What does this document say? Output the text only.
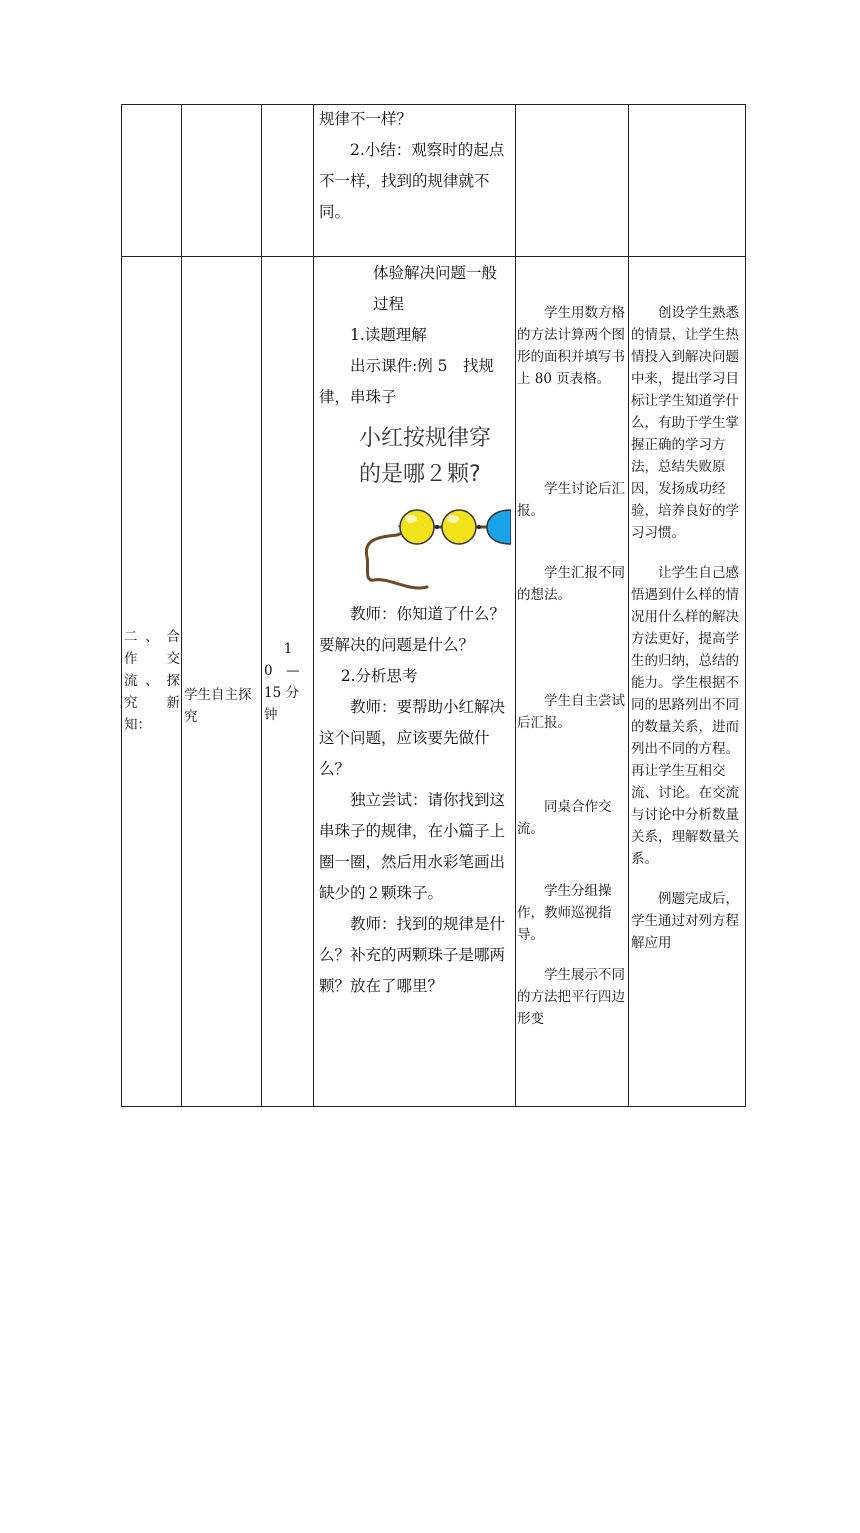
规律不一样？

2.小结：观察时的起点不一样，找到的规律就不同。

二、合
作　交
流、探
究　新
知：
学生自主探究
1
0　—
15 分
钟

体验解决问题一般过程

1.读题理解

出示课件:例 5　找规律，串珠子

小红按规律穿
的是哪２颗?

教师：你知道了什么？要解决的问题是什么？

2.分析思考

教师：要帮助小红解决这个问题，应该要先做什么？

独立尝试：请你找到这串珠子的规律，在小篇子上圈一圈，然后用水彩笔画出缺少的２颗珠子。

教师：找到的规律是什么？补充的两颗珠子是哪两颗？放在了哪里？

学生用数方格的方法计算两个图形的面积并填写书上 80 页表格。

学生讨论后汇报。

学生汇报不同的想法。

学生自主尝试后汇报。

同桌合作交流。

学生分组操作，教师巡视指导。

学生展示不同的方法把平行四边形变

创设学生熟悉的情景，让学生热情投入到解决问题中来，提出学习目标让学生知道学什么，有助于学生掌握正确的学习方法，总结失败原因，发扬成功经验，培养良好的学习习惯。

让学生自己感悟遇到什么样的情况用什么样的解决方法更好，提高学生的归纳，总结的能力。学生根据不同的思路列出不同的数量关系，进而列出不同的方程。再让学生互相交流、讨论。在交流与讨论中分析数量关系，理解数量关系。

例题完成后，学生通过对列方程解应用
